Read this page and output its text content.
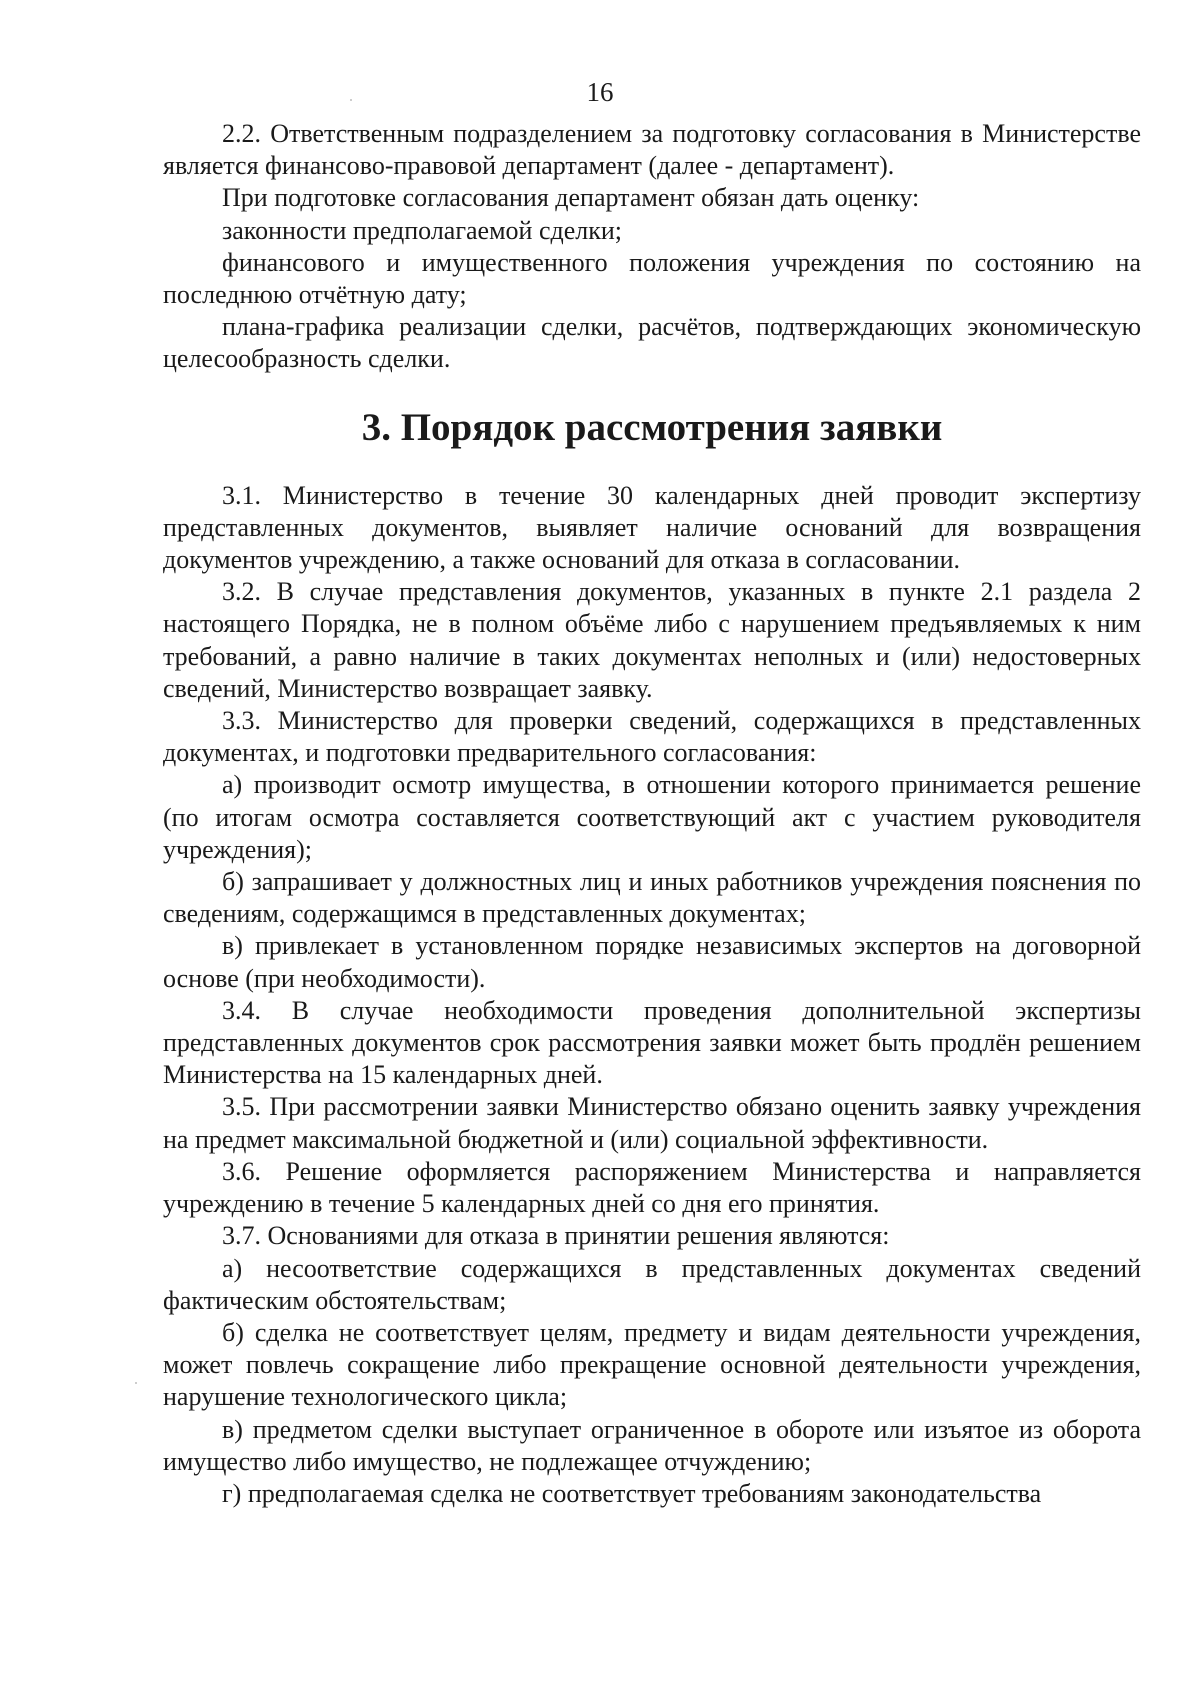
16

2.2. Ответственным подразделением за подготовку согласования в Министерстве является финансово-правовой департамент (далее - департамент).

При подготовке согласования департамент обязан дать оценку:

законности предполагаемой сделки;

финансового и имущественного положения учреждения по состоянию на последнюю отчётную дату;

плана-графика реализации сделки, расчётов, подтверждающих экономическую целесообразность сделки.

3. Порядок рассмотрения заявки

3.1. Министерство в течение 30 календарных дней проводит экспертизу представленных документов, выявляет наличие оснований для возвращения документов учреждению, а также оснований для отказа в согласовании.

3.2. В случае представления документов, указанных в пункте 2.1 раздела 2 настоящего Порядка, не в полном объёме либо с нарушением предъявляемых к ним требований, а равно наличие в таких документах неполных и (или) недостоверных сведений, Министерство возвращает заявку.

3.3. Министерство для проверки сведений, содержащихся в представленных документах, и подготовки предварительного согласования:

а) производит осмотр имущества, в отношении которого принимается решение (по итогам осмотра составляется соответствующий акт с участием руководителя учреждения);

б) запрашивает у должностных лиц и иных работников учреждения пояснения по сведениям, содержащимся в представленных документах;

в) привлекает в установленном порядке независимых экспертов на договорной основе (при необходимости).

3.4. В случае необходимости проведения дополнительной экспертизы представленных документов срок рассмотрения заявки может быть продлён решением Министерства на 15 календарных дней.

3.5. При рассмотрении заявки Министерство обязано оценить заявку учреждения на предмет максимальной бюджетной и (или) социальной эффективности.

3.6. Решение оформляется распоряжением Министерства и направляется учреждению в течение 5 календарных дней со дня его принятия.

3.7. Основаниями для отказа в принятии решения являются:

а) несоответствие содержащихся в представленных документах сведений фактическим обстоятельствам;

б) сделка не соответствует целям, предмету и видам деятельности учреждения, может повлечь сокращение либо прекращение основной деятельности учреждения, нарушение технологического цикла;

в) предметом сделки выступает ограниченное в обороте или изъятое из оборота имущество либо имущество, не подлежащее отчуждению;

г) предполагаемая сделка не соответствует требованиям законодательства
